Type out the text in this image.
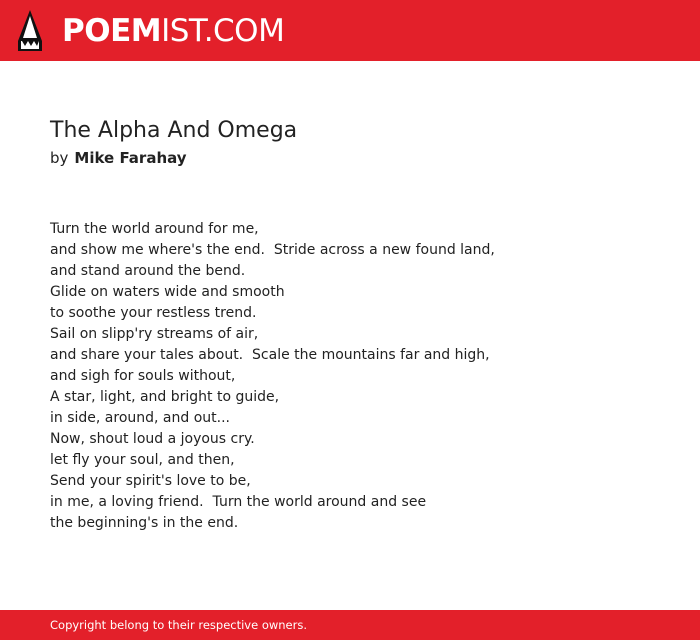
POEMIST.COM
The Alpha And Omega
by Mike Farahay
Turn the world around for me,
and show me where's the end.  Stride across a new found land,
and stand around the bend.
Glide on waters wide and smooth
to soothe your restless trend.
Sail on slipp'ry streams of air,
and share your tales about.  Scale the mountains far and high,
and sigh for souls without,
A star, light, and bright to guide,
in side, around, and out...
Now, shout loud a joyous cry.
let fly your soul, and then,
Send your spirit's love to be,
in me, a loving friend.  Turn the world around and see
the beginning's in the end.
Copyright belong to their respective owners.
